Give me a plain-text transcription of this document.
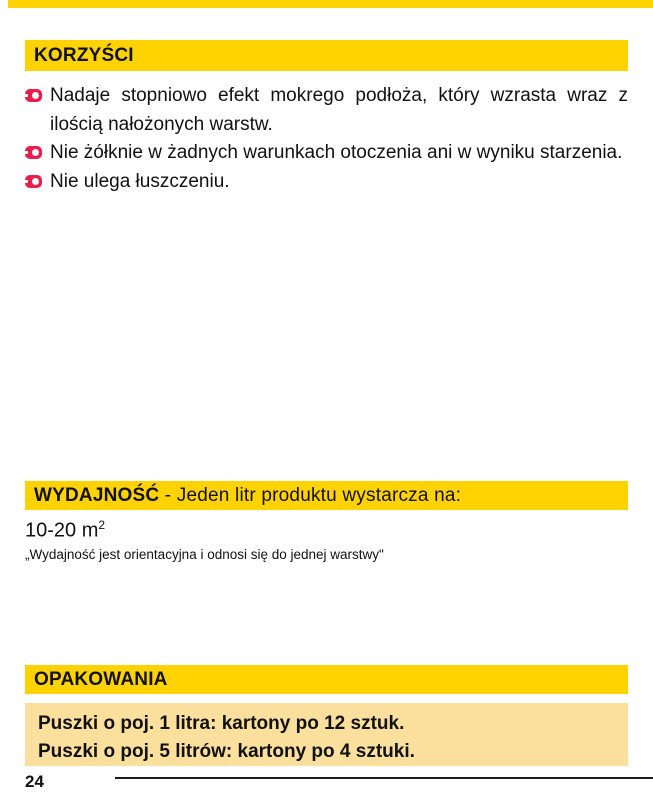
KORZYŚCI
Nadaje stopniowo efekt mokrego podłoża, który wzrasta wraz z ilością nałożonych warstw.
Nie żółknie w żadnych warunkach otoczenia ani w wyniku starzenia.
Nie ulega łuszczeniu.
WYDAJNOŚĆ - Jeden litr produktu wystarcza na:
10-20 $m^2$
„Wydajność jest orientacyjna i odnosi się do jednej warstwy"
OPAKOWANIA
Puszki o poj. 1 litra: kartony po 12 sztuk.
Puszki o poj. 5 litrów: kartony po 4 sztuki.
24
